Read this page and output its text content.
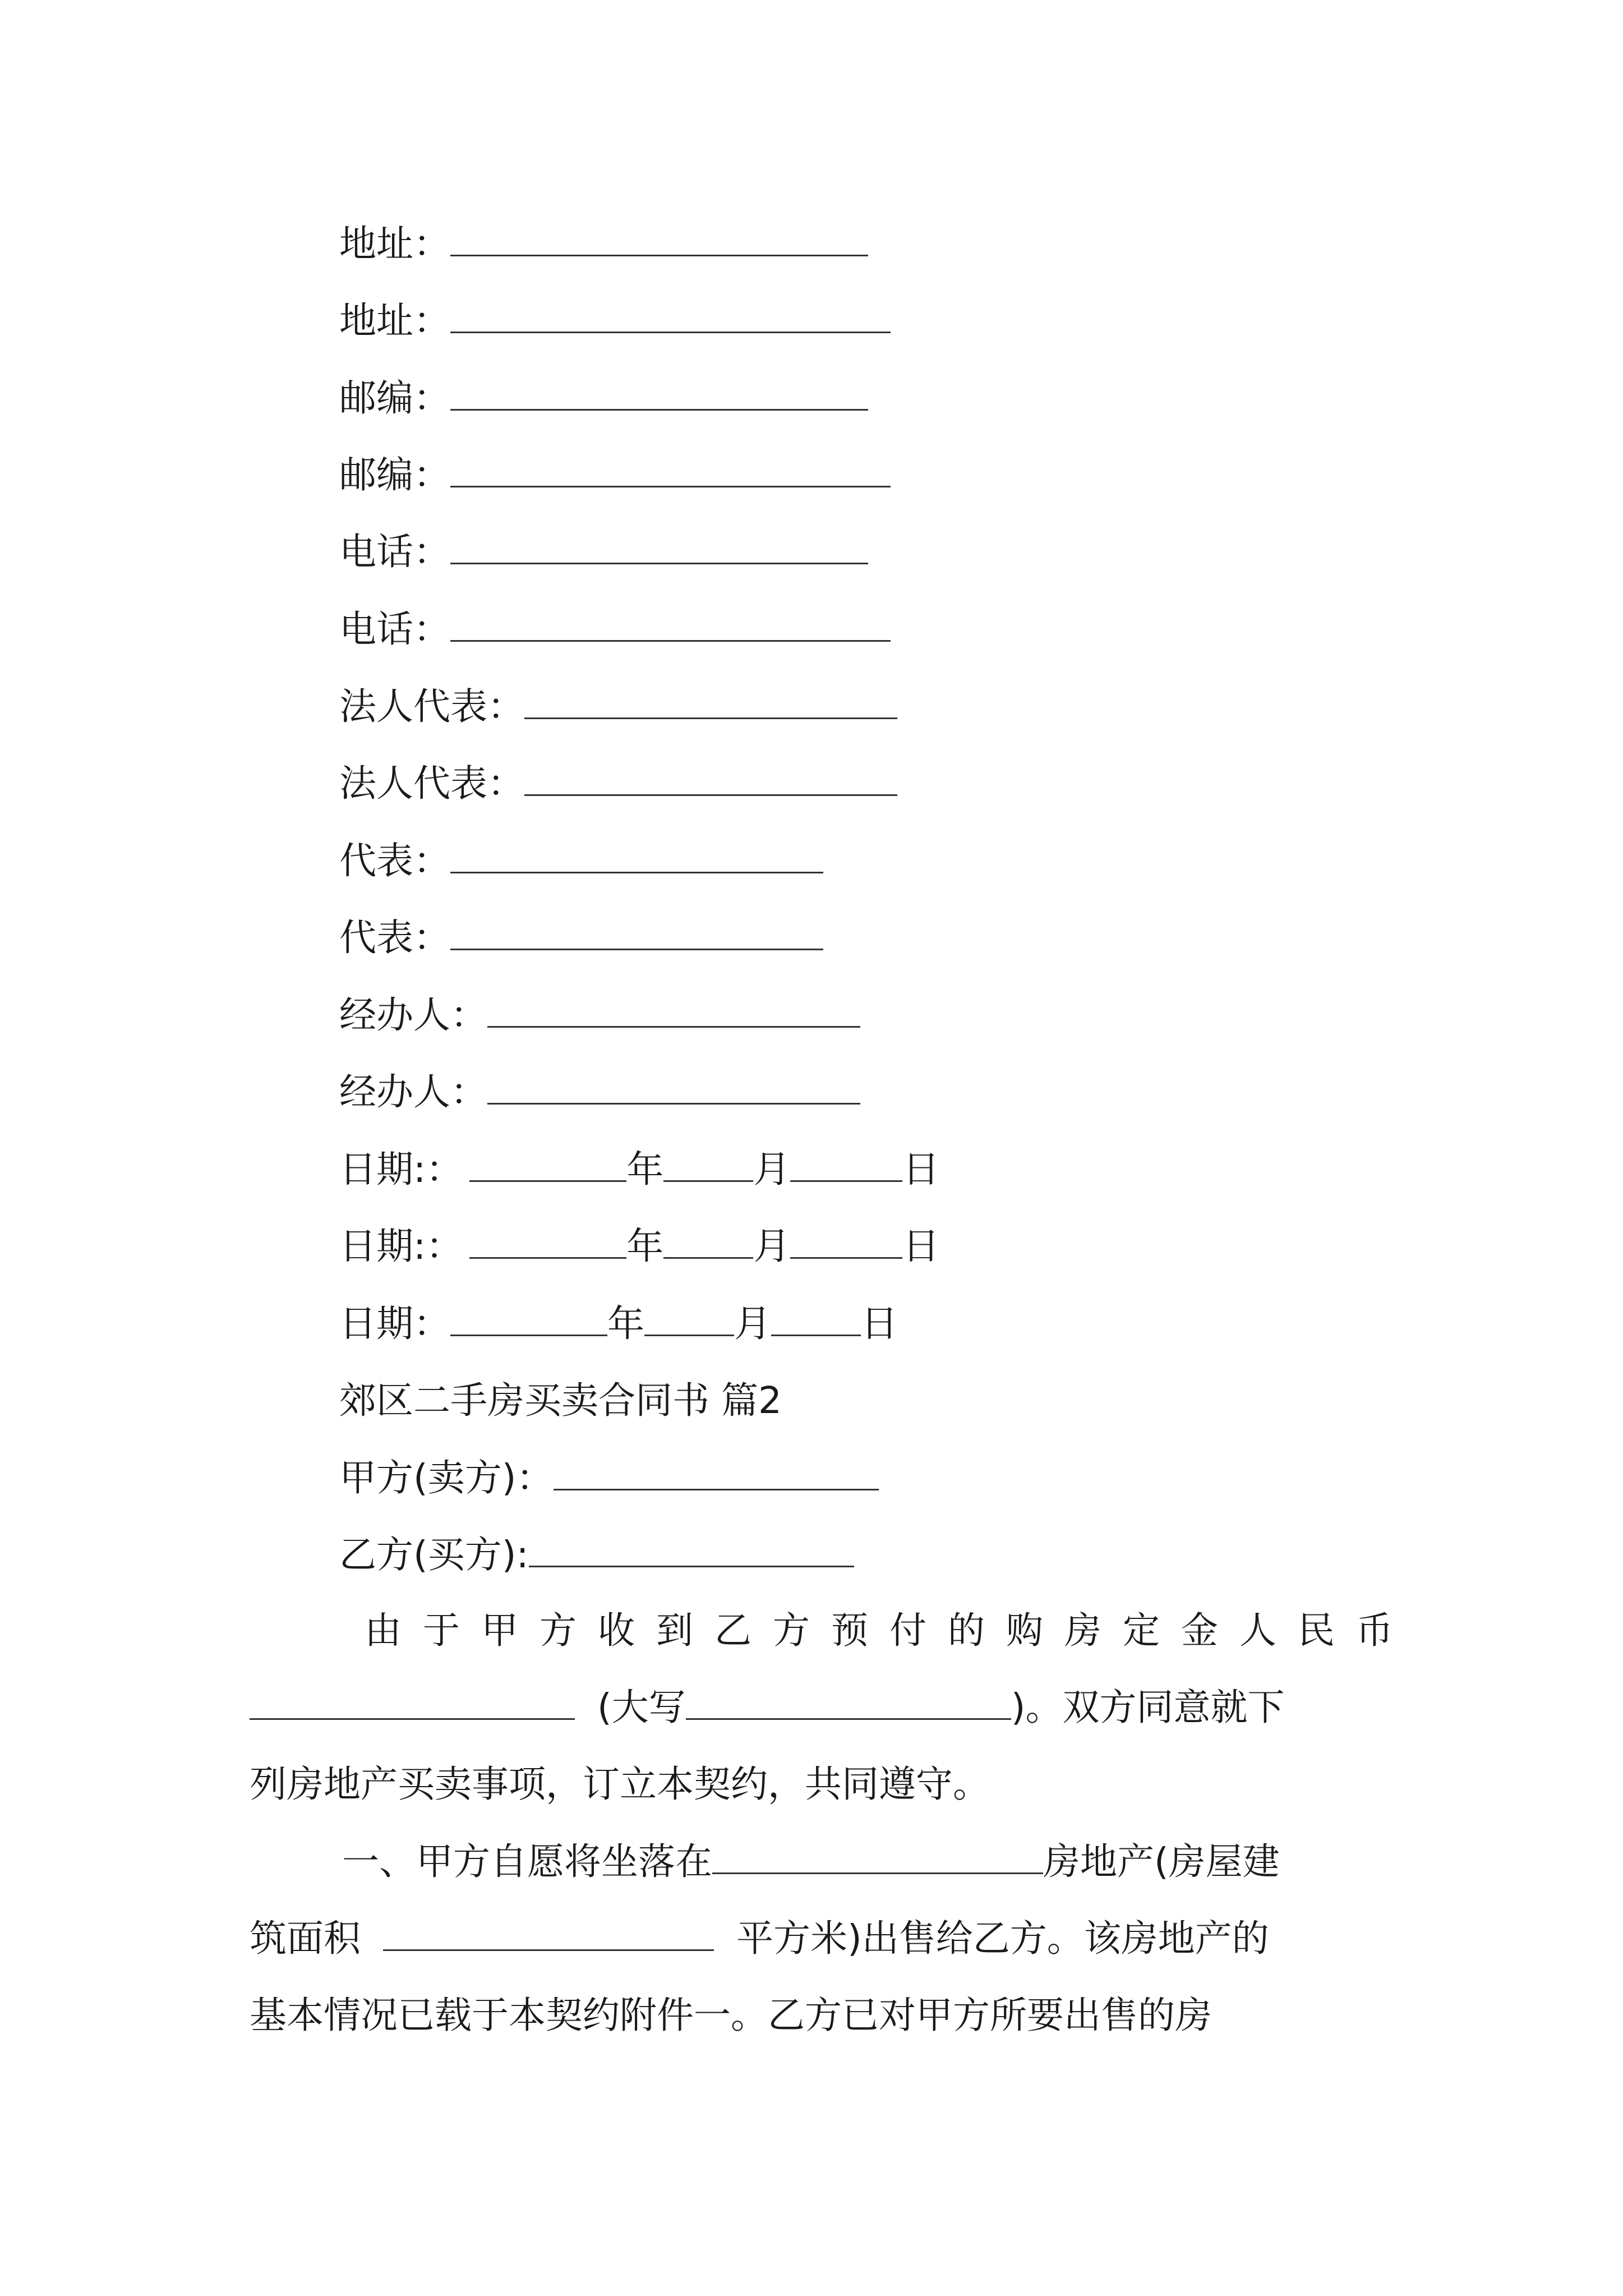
地址：
地址：
邮编：
邮编：
电话：
电话：
法人代表：
法人代表：
代表：
代表：
经办人：
经办人：
日期:：	年 月	日
日期:：	年 月	日
日期：	年 月 日
郊区二手房买卖合同书 篇2
甲方(卖方)：
乙方(买方):
由于甲方收到乙方预付的购房定金人民币
(大写	)。双方同意就下
列房地产买卖事项，订立本契约，共同遵守。
一、甲方自愿将坐落在	房地产(房屋建
筑面积	平方米)出售给乙方。该房地产的
基本情况已载于本契约附件一。乙方已对甲方所要出售的房
